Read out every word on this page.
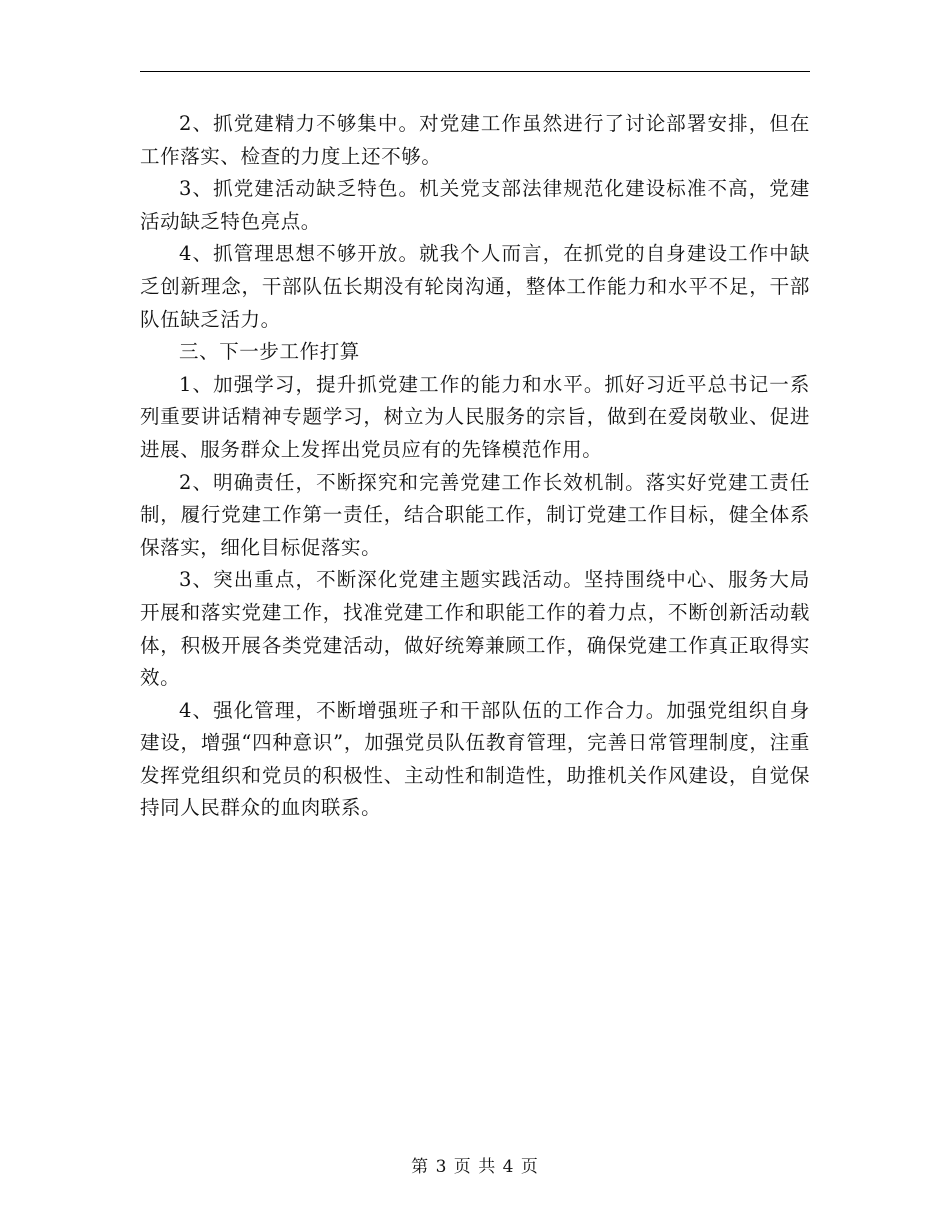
2、抓党建精力不够集中。对党建工作虽然进行了讨论部署安排，但在工作落实、检查的力度上还不够。

3、抓党建活动缺乏特色。机关党支部法律规范化建设标准不高，党建活动缺乏特色亮点。

4、抓管理思想不够开放。就我个人而言，在抓党的自身建设工作中缺乏创新理念，干部队伍长期没有轮岗沟通，整体工作能力和水平不足，干部队伍缺乏活力。

三、下一步工作打算

1、加强学习，提升抓党建工作的能力和水平。抓好习近平总书记一系列重要讲话精神专题学习，树立为人民服务的宗旨，做到在爱岗敬业、促进进展、服务群众上发挥出党员应有的先锋模范作用。

2、明确责任，不断探究和完善党建工作长效机制。落实好党建工责任制，履行党建工作第一责任，结合职能工作，制订党建工作目标，健全体系保落实，细化目标促落实。

3、突出重点，不断深化党建主题实践活动。坚持围绕中心、服务大局开展和落实党建工作，找准党建工作和职能工作的着力点，不断创新活动载体，积极开展各类党建活动，做好统筹兼顾工作，确保党建工作真正取得实效。

4、强化管理，不断增强班子和干部队伍的工作合力。加强党组织自身建设，增强“四种意识”，加强党员队伍教育管理，完善日常管理制度，注重发挥党组织和党员的积极性、主动性和制造性，助推机关作风建设，自觉保持同人民群众的血肉联系。

第 3 页 共 4 页
